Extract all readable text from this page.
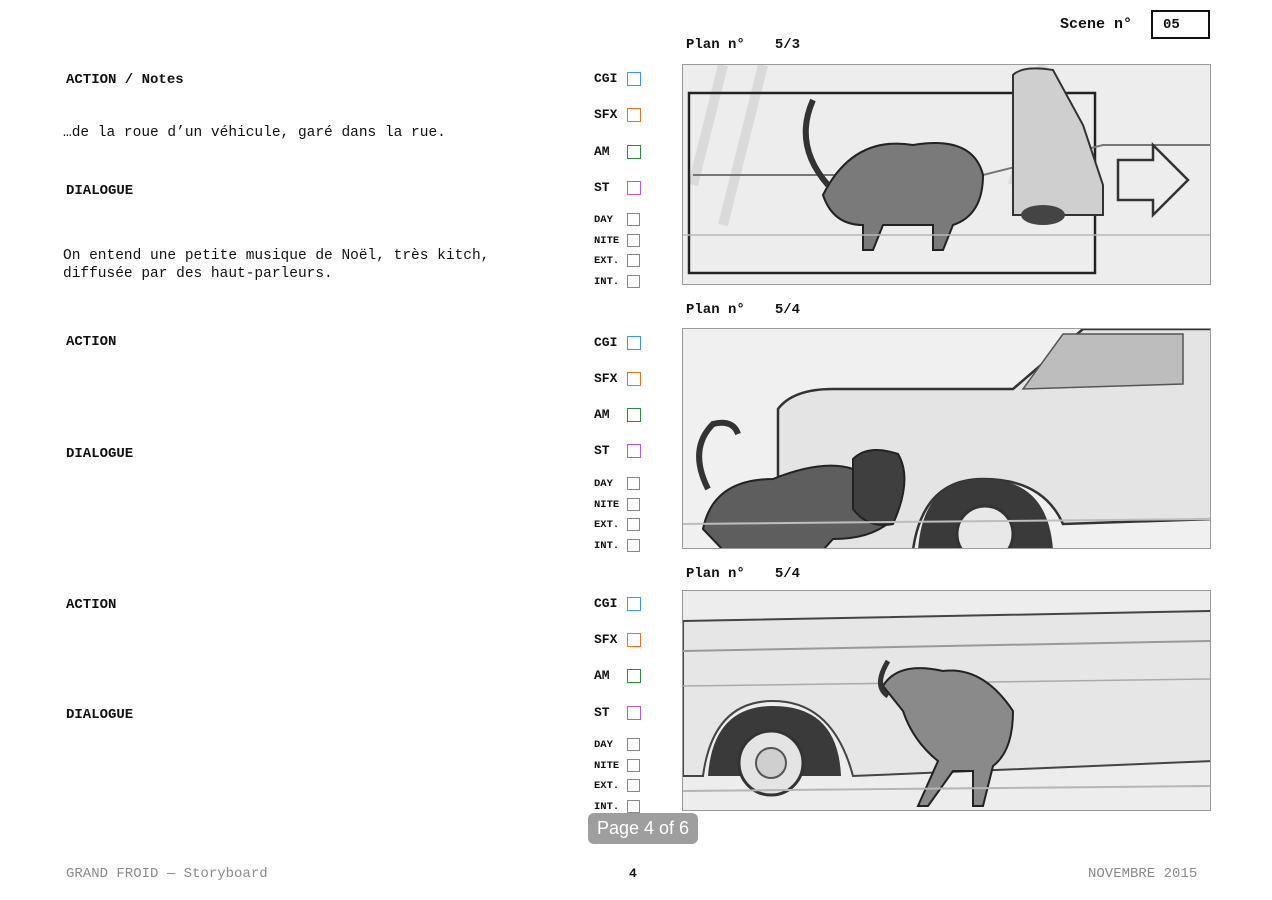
Scene n°	05
ACTION / Notes
…de la roue d’un véhicule, garé dans la rue.
DIALOGUE
On entend une petite musique de Noël, très kitch,
diffusée par des haut-parleurs.
Plan n° 5/3
CGI
SFX
AM
ST
DAY
NITE
EXT.
INT.
ACTION
DIALOGUE
Plan n° 5/4
CGI
SFX
AM
ST
DAY
NITE
EXT.
INT.
ACTION
DIALOGUE
Plan n° 5/4
CGI
SFX
AM
ST
DAY
NITE
EXT.
INT.
Page 4 of 6
GRAND FROID — Storyboard	4	NOVEMBRE 2015
